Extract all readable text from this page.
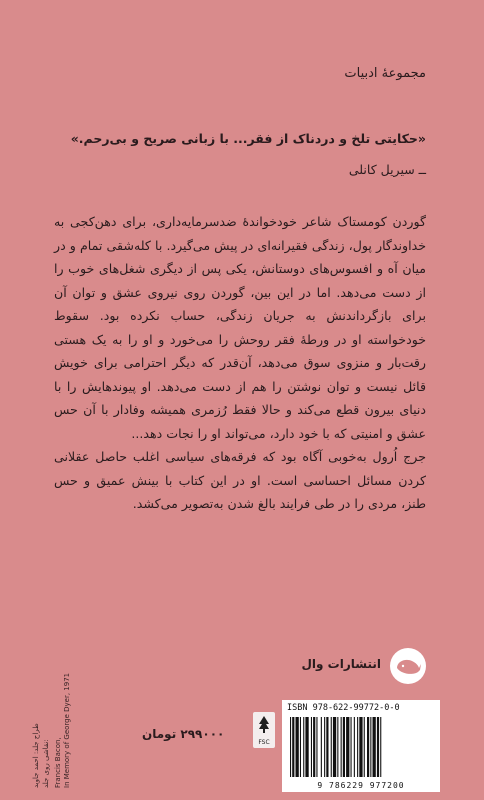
مجموعهٔ ادبیات
«حکایتی تلخ و دردناک از فقر... با زبانی صریح و بی‌رحم.»
ــ سیریل کانلی

گوردن کومستاک شاعر خودخواندهٔ ضدسرمایه‌داری، برای دهن‌کجی به خداوندگار پول، زندگی فقیرانه‌ای در پیش می‌گیرد. با کله‌شقی تمام و در میان آه و افسوس‌های دوستانش، یکی پس از دیگری شغل‌های خوب را از دست می‌دهد. اما در این بین، گوردن روی نیروی عشق و توان آن برای بازگرداندنش به جریان زندگی، حساب نکرده بود. سقوط خودخواسته او در ورطهٔ فقر روحش را می‌خورد و او را به یک هستی رقت‌بار و منزوی سوق می‌دهد، آن‌قدر که دیگر احترامی برای خویش قائل نیست و توان نوشتن را هم از دست می‌دهد. او پیوندهایش را با دنیای بیرون قطع می‌کند و حالا فقط رُزمری همیشه وفادار با آن حس عشق و امنیتی که با خود دارد، می‌تواند او را نجات دهد...

جرج اُرول به‌خوبی آگاه بود که فرقه‌های سیاسی اغلب حاصل عقلانی کردن مسائل احساسی است. او در این کتاب با بینش عمیق و حس طنز، مردی را در طی فرایند بالغ شدن به‌تصویر می‌کشد.

انتشارات وال
طراح جلد: احمد جاوید نقاشی روی جلد: Francis Bacon, In Memory of George Dyer, 1971	۲۹۹۰۰۰ تومان
FSC
ISBN 978-622-99772-0-0
9 786229 977200
